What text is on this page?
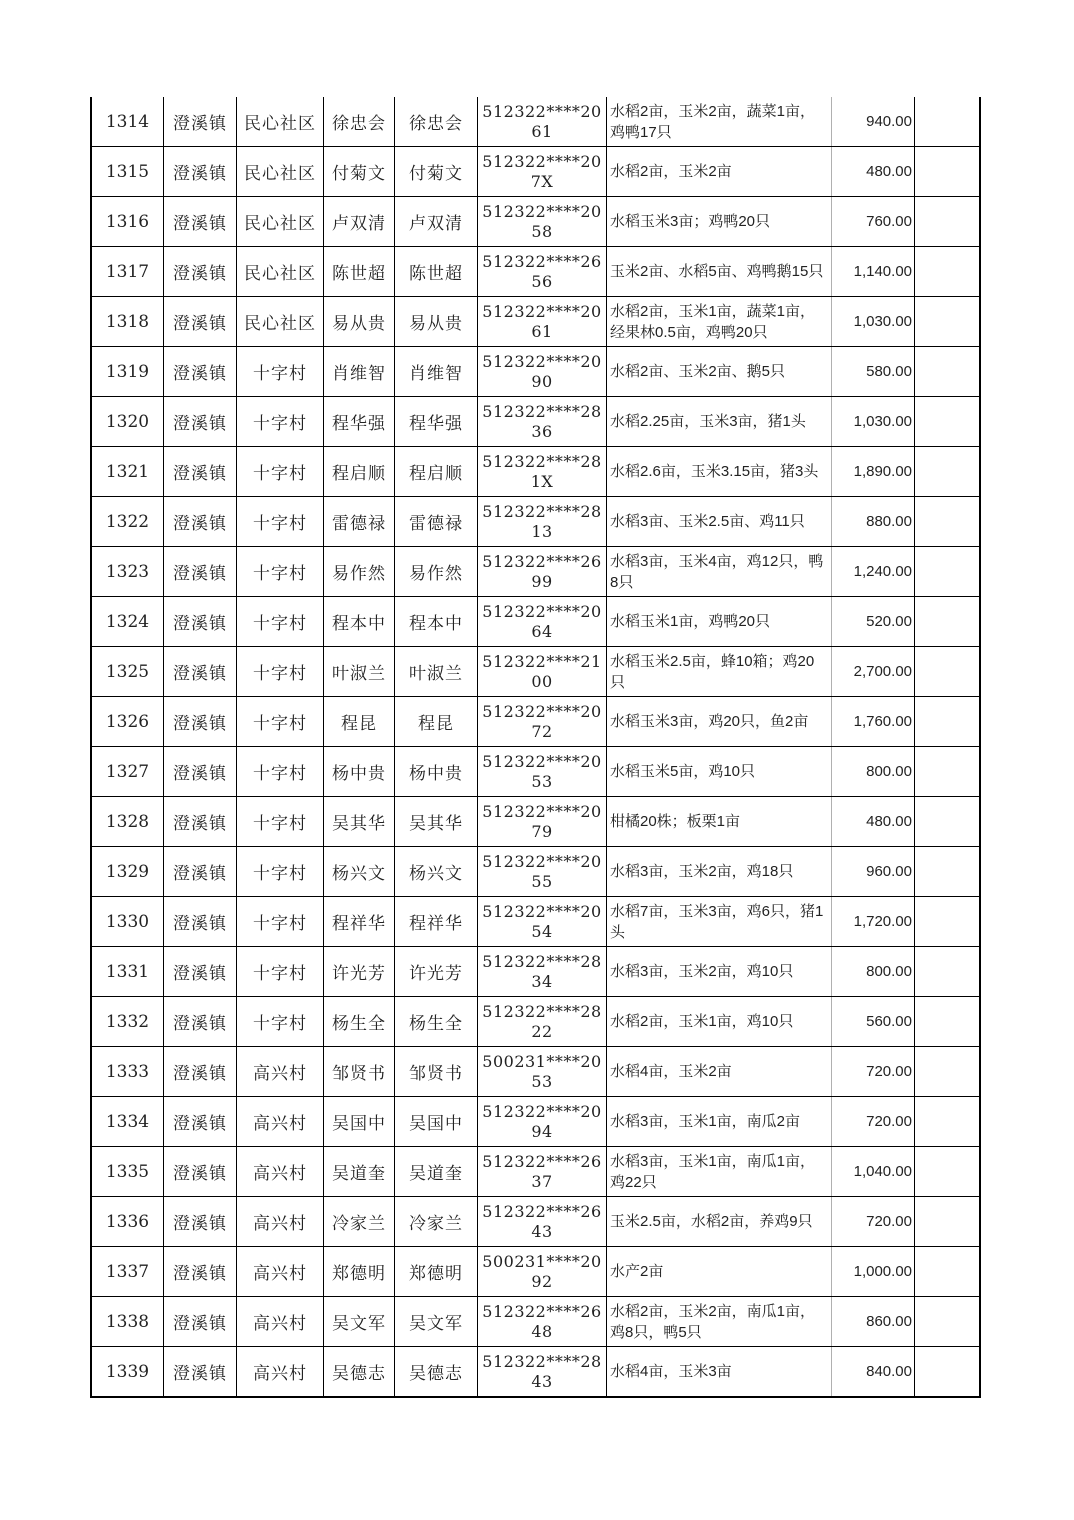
1314	澄溪镇	民心社区	徐忠会	徐忠会	512322****2061	水稻2亩，玉米2亩，蔬菜1亩，鸡鸭17只	940.00	
1315	澄溪镇	民心社区	付菊文	付菊文	512322****207X	水稻2亩，玉米2亩	480.00	
1316	澄溪镇	民心社区	卢双清	卢双清	512322****2058	水稻玉米3亩；鸡鸭20只	760.00	
1317	澄溪镇	民心社区	陈世超	陈世超	512322****2656	玉米2亩、水稻5亩、鸡鸭鹅15只	1,140.00	
1318	澄溪镇	民心社区	易从贵	易从贵	512322****2061	水稻2亩，玉米1亩，蔬菜1亩，经果林0.5亩，鸡鸭20只	1,030.00	
1319	澄溪镇	十字村	肖维智	肖维智	512322****2090	水稻2亩、玉米2亩、鹅5只	580.00	
1320	澄溪镇	十字村	程华强	程华强	512322****2836	水稻2.25亩，玉米3亩，猪1头	1,030.00	
1321	澄溪镇	十字村	程启顺	程启顺	512322****281X	水稻2.6亩，玉米3.15亩，猪3头	1,890.00	
1322	澄溪镇	十字村	雷德禄	雷德禄	512322****2813	水稻3亩、玉米2.5亩、鸡11只	880.00	
1323	澄溪镇	十字村	易作然	易作然	512322****2699	水稻3亩，玉米4亩，鸡12只，鸭8只	1,240.00	
1324	澄溪镇	十字村	程本中	程本中	512322****2064	水稻玉米1亩，鸡鸭20只	520.00	
1325	澄溪镇	十字村	叶淑兰	叶淑兰	512322****2100	水稻玉米2.5亩，蜂10箱；鸡20只	2,700.00	
1326	澄溪镇	十字村	程昆	程昆	512322****2072	水稻玉米3亩，鸡20只，鱼2亩	1,760.00	
1327	澄溪镇	十字村	杨中贵	杨中贵	512322****2053	水稻玉米5亩，鸡10只	800.00	
1328	澄溪镇	十字村	吴其华	吴其华	512322****2079	柑橘20株；板栗1亩	480.00	
1329	澄溪镇	十字村	杨兴文	杨兴文	512322****2055	水稻3亩，玉米2亩，鸡18只	960.00	
1330	澄溪镇	十字村	程祥华	程祥华	512322****2054	水稻7亩，玉米3亩，鸡6只，猪1头	1,720.00	
1331	澄溪镇	十字村	许光芳	许光芳	512322****2834	水稻3亩，玉米2亩，鸡10只	800.00	
1332	澄溪镇	十字村	杨生全	杨生全	512322****2822	水稻2亩，玉米1亩，鸡10只	560.00	
1333	澄溪镇	高兴村	邹贤书	邹贤书	500231****2053	水稻4亩，玉米2亩	720.00	
1334	澄溪镇	高兴村	吴国中	吴国中	512322****2094	水稻3亩，玉米1亩，南瓜2亩	720.00	
1335	澄溪镇	高兴村	吴道奎	吴道奎	512322****2637	水稻3亩，玉米1亩，南瓜1亩，鸡22只	1,040.00	
1336	澄溪镇	高兴村	冷家兰	冷家兰	512322****2643	玉米2.5亩，水稻2亩，养鸡9只	720.00	
1337	澄溪镇	高兴村	郑德明	郑德明	500231****2092	水产2亩	1,000.00	
1338	澄溪镇	高兴村	吴文军	吴文军	512322****2648	水稻2亩，玉米2亩，南瓜1亩，鸡8只，鸭5只	860.00	
1339	澄溪镇	高兴村	吴德志	吴德志	512322****2843	水稻4亩，玉米3亩	840.00	
